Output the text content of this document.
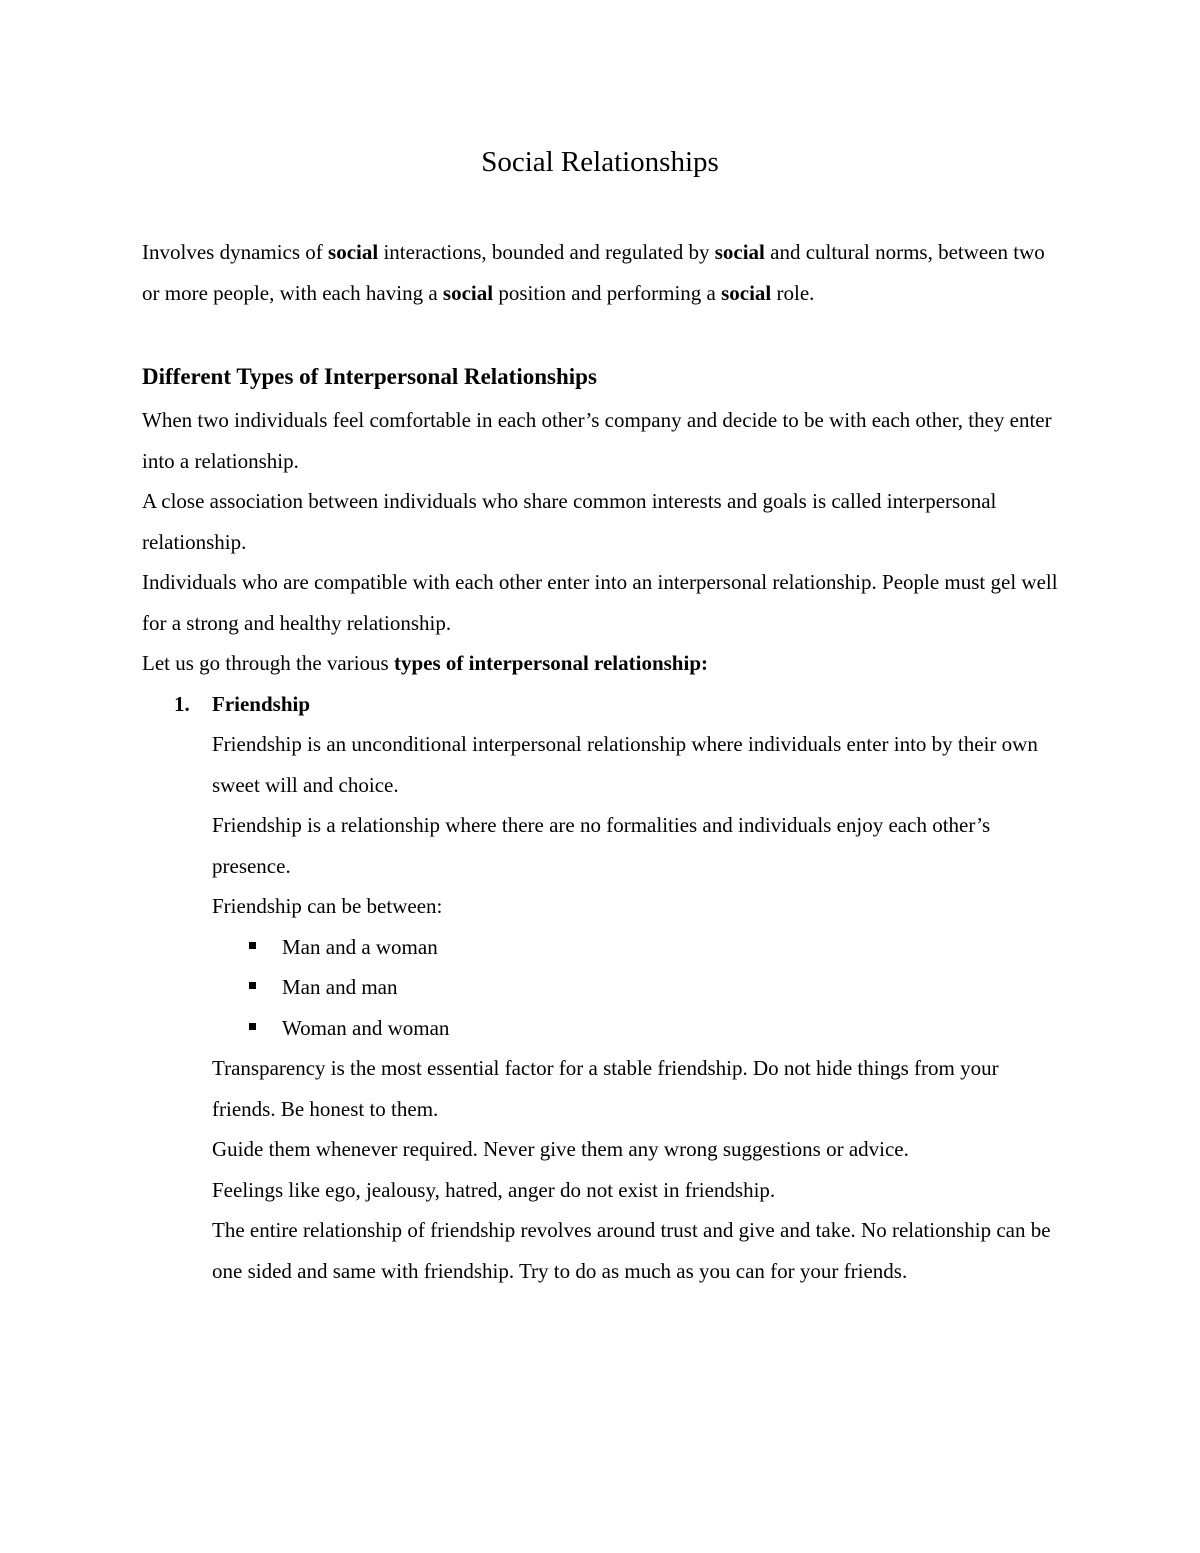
Social Relationships

Involves dynamics of social interactions, bounded and regulated by social and cultural norms, between two or more people, with each having a social position and performing a social role.

Different Types of Interpersonal Relationships

When two individuals feel comfortable in each other’s company and decide to be with each other, they enter into a relationship.

A close association between individuals who share common interests and goals is called interpersonal relationship.

Individuals who are compatible with each other enter into an interpersonal relationship. People must gel well for a strong and healthy relationship.

Let us go through the various types of interpersonal relationship:

1. Friendship

Friendship is an unconditional interpersonal relationship where individuals enter into by their own sweet will and choice.

Friendship is a relationship where there are no formalities and individuals enjoy each other’s presence.

Friendship can be between:

Man and a woman

Man and man

Woman and woman

Transparency is the most essential factor for a stable friendship. Do not hide things from your friends. Be honest to them.

Guide them whenever required. Never give them any wrong suggestions or advice.

Feelings like ego, jealousy, hatred, anger do not exist in friendship.

The entire relationship of friendship revolves around trust and give and take. No relationship can be one sided and same with friendship. Try to do as much as you can for your friends.
